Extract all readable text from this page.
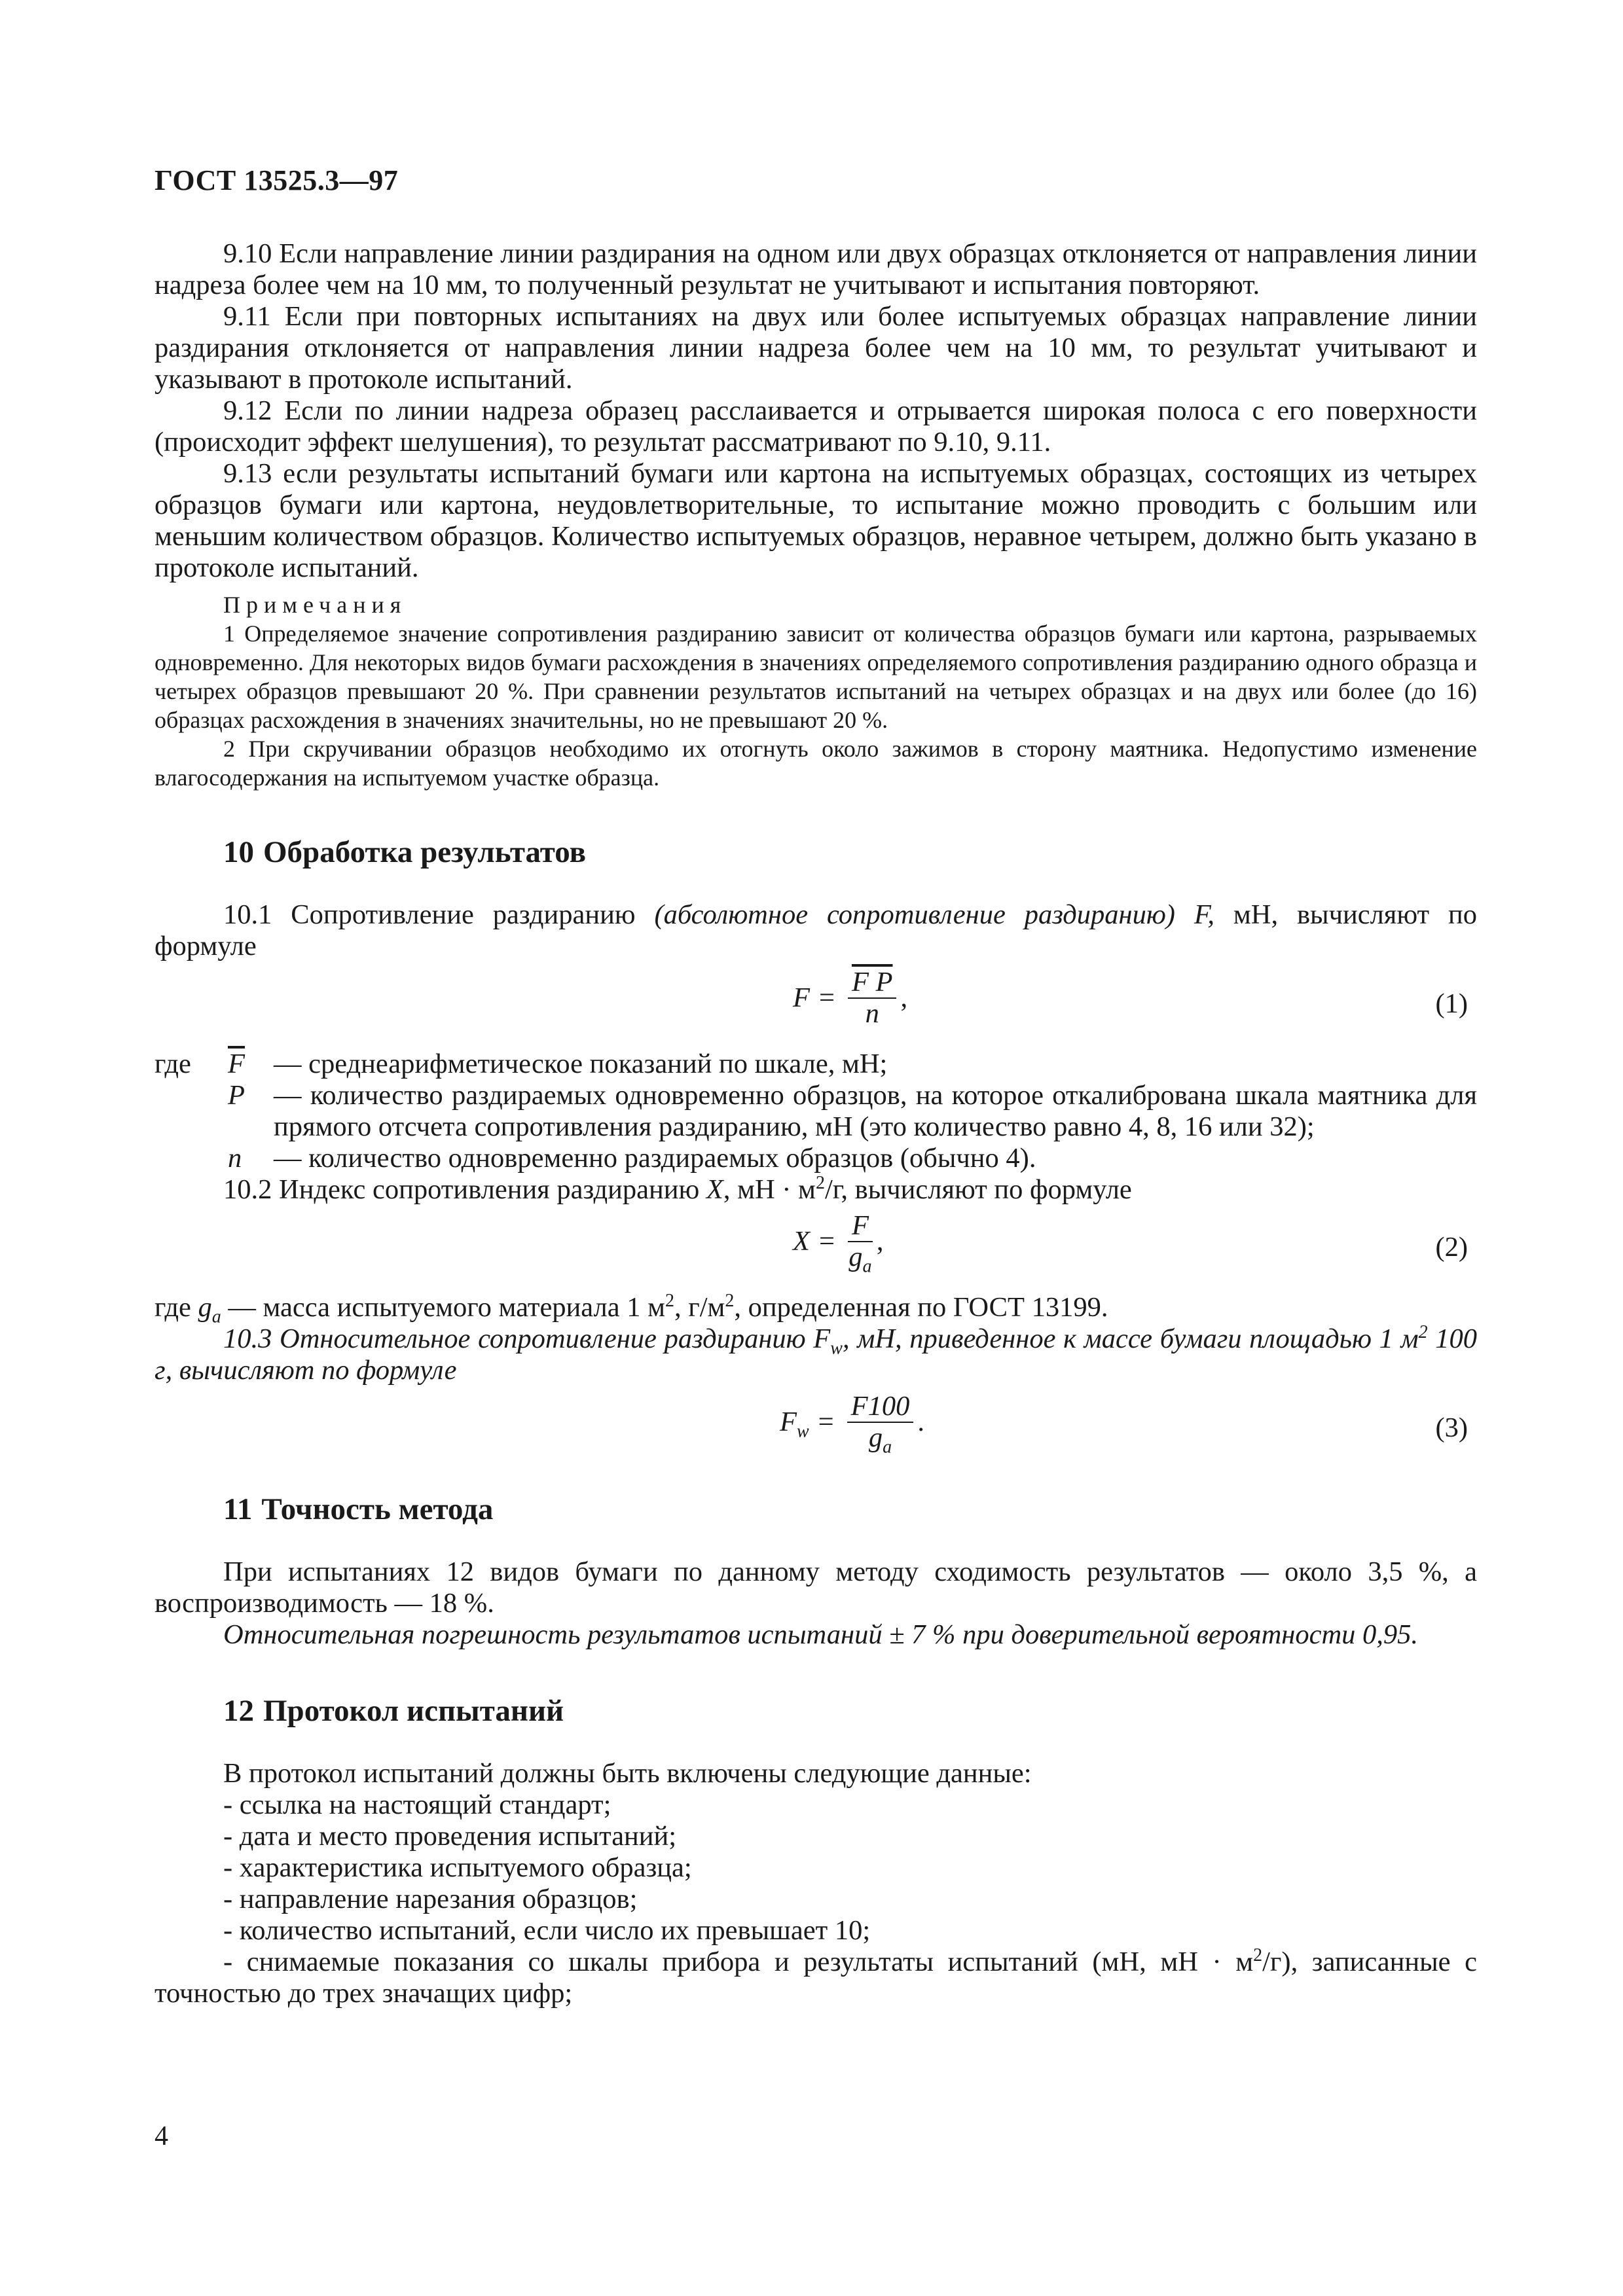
ГОСТ 13525.3—97

9.10 Если направление линии раздирания на одном или двух образцах отклоняется от направления линии надреза более чем на 10 мм, то полученный результат не учитывают и испытания повторяют.

9.11 Если при повторных испытаниях на двух или более испытуемых образцах направление линии раздирания отклоняется от направления линии надреза более чем на 10 мм, то результат учитывают и указывают в протоколе испытаний.

9.12 Если по линии надреза образец расслаивается и отрывается широкая полоса с его поверхности (происходит эффект шелушения), то результат рассматривают по 9.10, 9.11.

9.13 если результаты испытаний бумаги или картона на испытуемых образцах, состоящих из четырех образцов бумаги или картона, неудовлетворительные, то испытание можно проводить с большим или меньшим количеством образцов. Количество испытуемых образцов, неравное четырем, должно быть указано в протоколе испытаний.

Примечания

1 Определяемое значение сопротивления раздиранию зависит от количества образцов бумаги или картона, разрываемых одновременно. Для некоторых видов бумаги расхождения в значениях определяемого сопротивления раздиранию одного образца и четырех образцов превышают 20 %. При сравнении результатов испытаний на четырех образцах и на двух или более (до 16) образцах расхождения в значениях значительны, но не превышают 20 %.

2 При скручивании образцов необходимо их отогнуть около зажимов в сторону маятника. Недопустимо изменение влагосодержания на испытуемом участке образца.

10 Обработка результатов

10.1 Сопротивление раздиранию (абсолютное сопротивление раздиранию) F, мН, вычисляют по формуле

$F = \frac{\text{F P}}{n}$ ,	(1)
где	$\overline{F}$	— среднеарифметическое показаний по шкале, мН;
P	— количество раздираемых одновременно образцов, на которое откалибрована шкала маятника для прямого отсчета сопротивления раздиранию, мН (это количество равно 4, 8, 16 или 32);
n	— количество одновременно раздираемых образцов (обычно 4).

10.2 Индекс сопротивления раздиранию X, мН · $м^2/г$, вычисляют по формуле

$X = \frac{F}{g_a}$ ,	(2)

где $g_a$ — масса испытуемого материала 1 $м^2$, $г/м^2$, определенная по ГОСТ 13199.

10.3 Относительное сопротивление раздиранию $F_w$, мН, приведенное к массе бумаги площадью 1 $м^2$ 100 г, вычисляют по формуле

$F_w = \frac{F100}{g_a}$ .	(3)
11 Точность метода

При испытаниях 12 видов бумаги по данному методу сходимость результатов — около 3,5 %, а воспроизводимость — 18 %.

Относительная погрешность результатов испытаний ± 7 % при доверительной вероятности 0,95.

12 Протокол испытаний

В протокол испытаний должны быть включены следующие данные:

- ссылка на настоящий стандарт;

- дата и место проведения испытаний;

- характеристика испытуемого образца;

- направление нарезания образцов;

- количество испытаний, если число их превышает 10;

- снимаемые показания со шкалы прибора и результаты испытаний (мН, мН · $м^2/г$), записанные с точностью до трех значащих цифр;

4
